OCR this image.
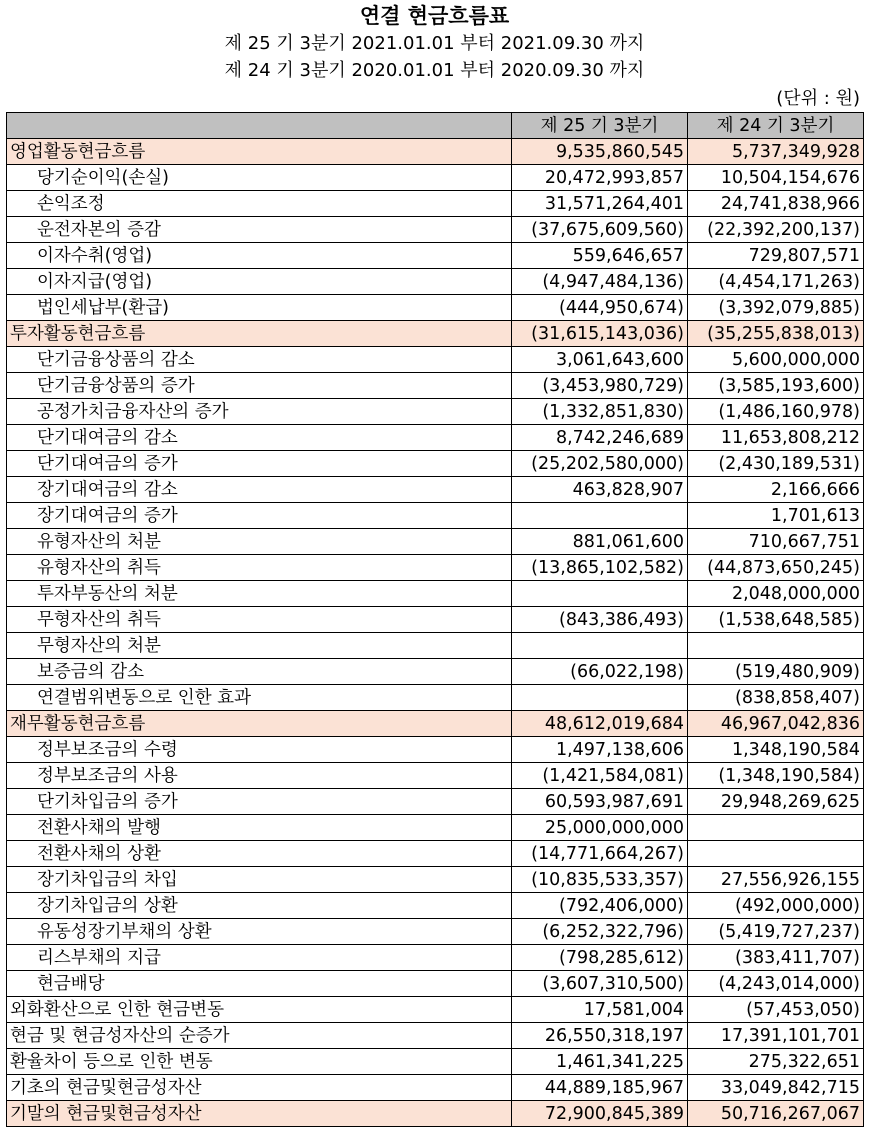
연결 현금흐름표
제 25 기 3분기 2021.01.01 부터 2021.09.30 까지
제 24 기 3분기 2020.01.01 부터 2020.09.30 까지
(단위 : 원)
	제 25 기 3분기	제 24 기 3분기
영업활동현금흐름	9,535,860,545	5,737,349,928
당기순이익(손실)	20,472,993,857	10,504,154,676
손익조정	31,571,264,401	24,741,838,966
운전자본의 증감	(37,675,609,560)	(22,392,200,137)
이자수취(영업)	559,646,657	729,807,571
이자지급(영업)	(4,947,484,136)	(4,454,171,263)
법인세납부(환급)	(444,950,674)	(3,392,079,885)
투자활동현금흐름	(31,615,143,036)	(35,255,838,013)
단기금융상품의 감소	3,061,643,600	5,600,000,000
단기금융상품의 증가	(3,453,980,729)	(3,585,193,600)
공정가치금융자산의 증가	(1,332,851,830)	(1,486,160,978)
단기대여금의 감소	8,742,246,689	11,653,808,212
단기대여금의 증가	(25,202,580,000)	(2,430,189,531)
장기대여금의 감소	463,828,907	2,166,666
장기대여금의 증가		1,701,613
유형자산의 처분	881,061,600	710,667,751
유형자산의 취득	(13,865,102,582)	(44,873,650,245)
투자부동산의 처분		2,048,000,000
무형자산의 취득	(843,386,493)	(1,538,648,585)
무형자산의 처분		
보증금의 감소	(66,022,198)	(519,480,909)
연결범위변동으로 인한 효과		(838,858,407)
재무활동현금흐름	48,612,019,684	46,967,042,836
정부보조금의 수령	1,497,138,606	1,348,190,584
정부보조금의 사용	(1,421,584,081)	(1,348,190,584)
단기차입금의 증가	60,593,987,691	29,948,269,625
전환사채의 발행	25,000,000,000	
전환사채의 상환	(14,771,664,267)	
장기차입금의 차입	(10,835,533,357)	27,556,926,155
장기차입금의 상환	(792,406,000)	(492,000,000)
유동성장기부채의 상환	(6,252,322,796)	(5,419,727,237)
리스부채의 지급	(798,285,612)	(383,411,707)
현금배당	(3,607,310,500)	(4,243,014,000)
외화환산으로 인한 현금변동	17,581,004	(57,453,050)
현금 및 현금성자산의 순증가	26,550,318,197	17,391,101,701
환율차이 등으로 인한 변동	1,461,341,225	275,322,651
기초의 현금및현금성자산	44,889,185,967	33,049,842,715
기말의 현금및현금성자산	72,900,845,389	50,716,267,067
